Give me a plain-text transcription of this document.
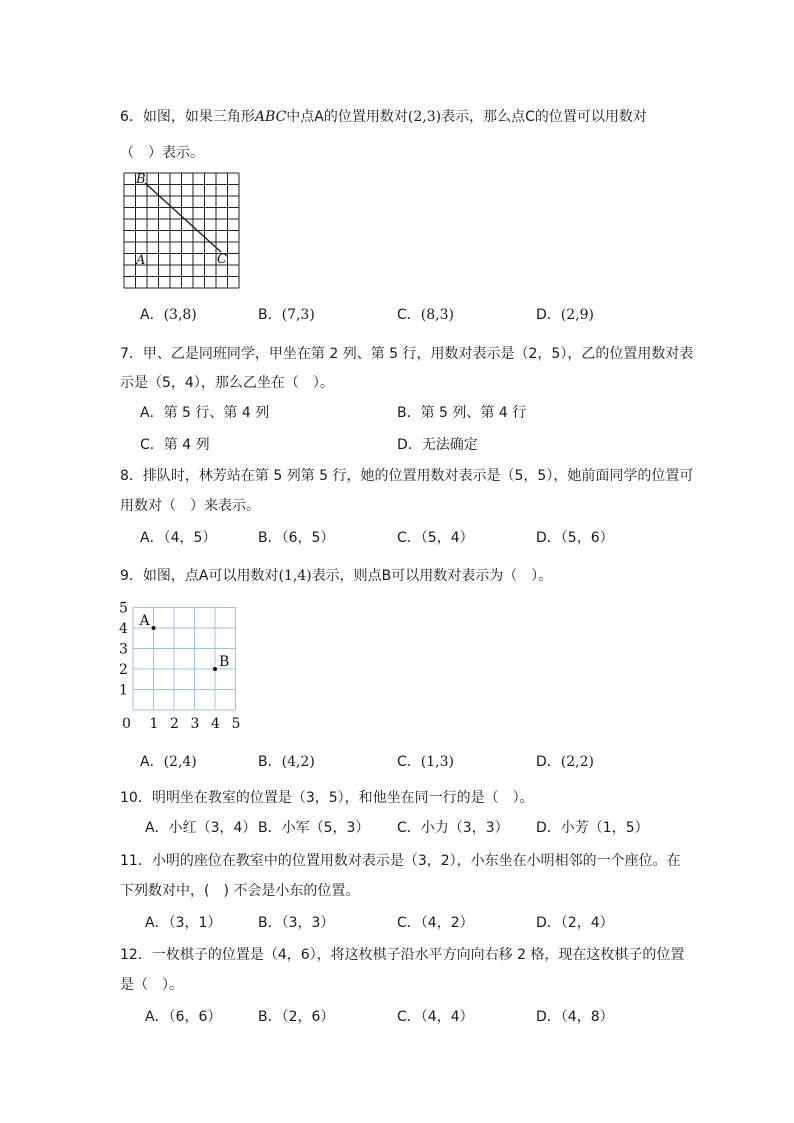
6．如图，如果三角形ABC中点A的位置用数对(2,3)表示，那么点C的位置可以用数对
（　）表示。
B
A	C
A．(3,8)	B．(7,3)	C．(8,3)	D．(2,9)
7．甲、乙是同班同学，甲坐在第 2 列、第 5 行，用数对表示是（2，5），乙的位置用数对表
示是（5，4），那么乙坐在（　）。
A．第 5 行、第 4 列	B．第 5 列、第 4 行
C．第 4 列	D．无法确定
8．排队时，林芳站在第 5 列第 5 行，她的位置用数对表示是（5，5），她前面同学的位置可
用数对（　）来表示。
A．（4，5）	B．（6，5）	C．（5，4）	D．（5，6）
9．如图，点A可以用数对(1,4)表示，则点B可以用数对表示为（　）。
5
4
3
2
1
0 1 2 3 4 5
A
B
A．(2,4)	B．(4,2)	C．(1,3)	D．(2,2)
10．明明坐在教室的位置是（3，5），和他坐在同一行的是（　）。
A．小红（3，4） B．小军（5，3） C．小力（3，3） D．小芳（1，5）
11．小明的座位在教室中的位置用数对表示是（3，2），小东坐在小明相邻的一个座位。在
下列数对中，(　) 不会是小东的位置。
A．（3，1）	B．（3，3）	C．（4，2）	D．（2，4）
12．一枚棋子的位置是（4，6），将这枚棋子沿水平方向向右移 2 格，现在这枚棋子的位置
是（　）。
A．（6，6）	B．（2，6）	C．（4，4）	D．（4，8）
